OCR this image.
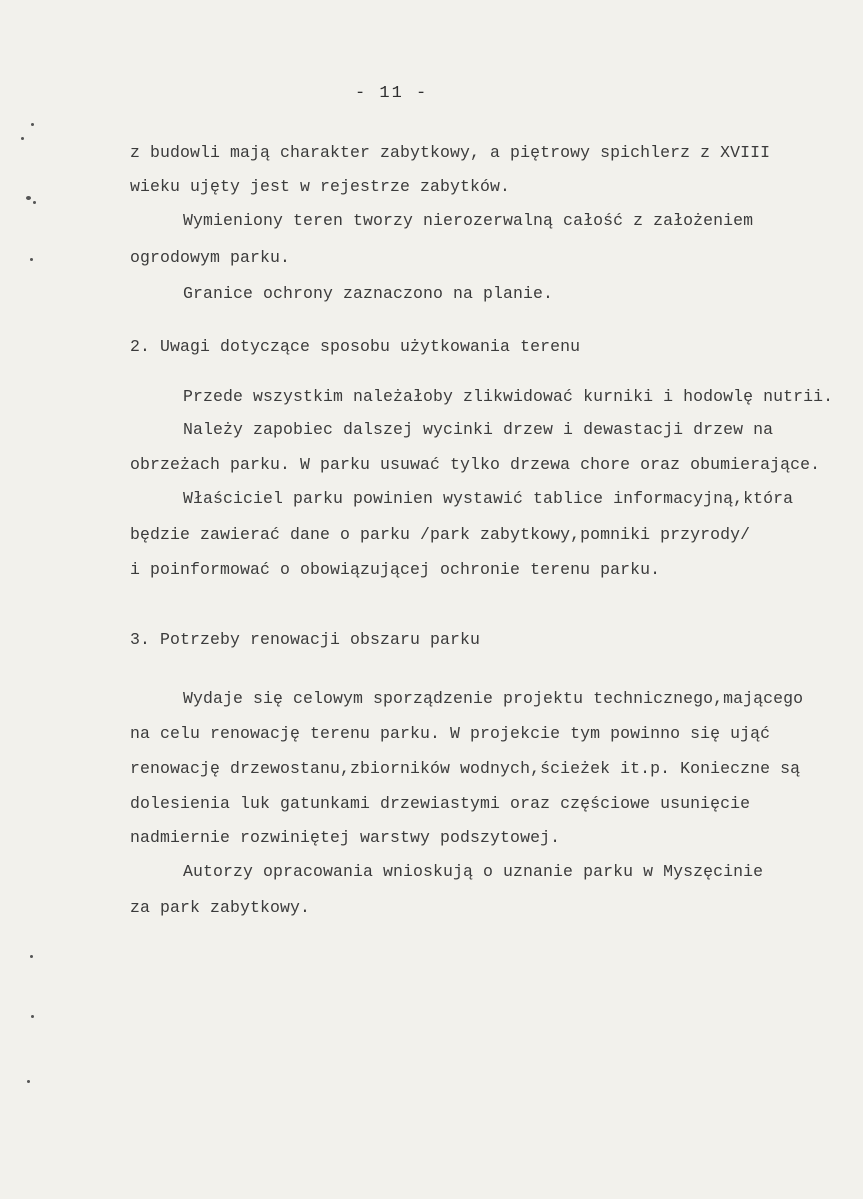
- 11 -
z budowli mają charakter zabytkowy, a piętrowy spichlerz z XVIII
wieku ujęty jest w rejestrze zabytków.
Wymieniony teren tworzy nierozerwalną całość z założeniem
ogrodowym parku.
Granice ochrony zaznaczono na planie.
2. Uwagi dotyczące sposobu użytkowania terenu
Przede wszystkim należałoby zlikwidować kurniki i hodowlę nutrii.
Należy zapobiec dalszej wycinki drzew i dewastacji drzew na
obrzeżach parku. W parku usuwać tylko drzewa chore oraz obumierające.
Właściciel parku powinien wystawić tablice informacyjną,która
będzie zawierać dane o parku /park zabytkowy,pomniki przyrody/
i poinformować o obowiązującej ochronie terenu parku.
3. Potrzeby renowacji obszaru parku
Wydaje się celowym sporządzenie projektu technicznego,mającego
na celu renowację terenu parku. W projekcie tym powinno się ująć
renowację drzewostanu,zbiorników wodnych,ścieżek it.p. Konieczne są
dolesienia luk gatunkami drzewiastymi oraz częściowe usunięcie
nadmiernie rozwiniętej warstwy podszytowej.
Autorzy opracowania wnioskują o uznanie parku w Myszęcinie
za park zabytkowy.
